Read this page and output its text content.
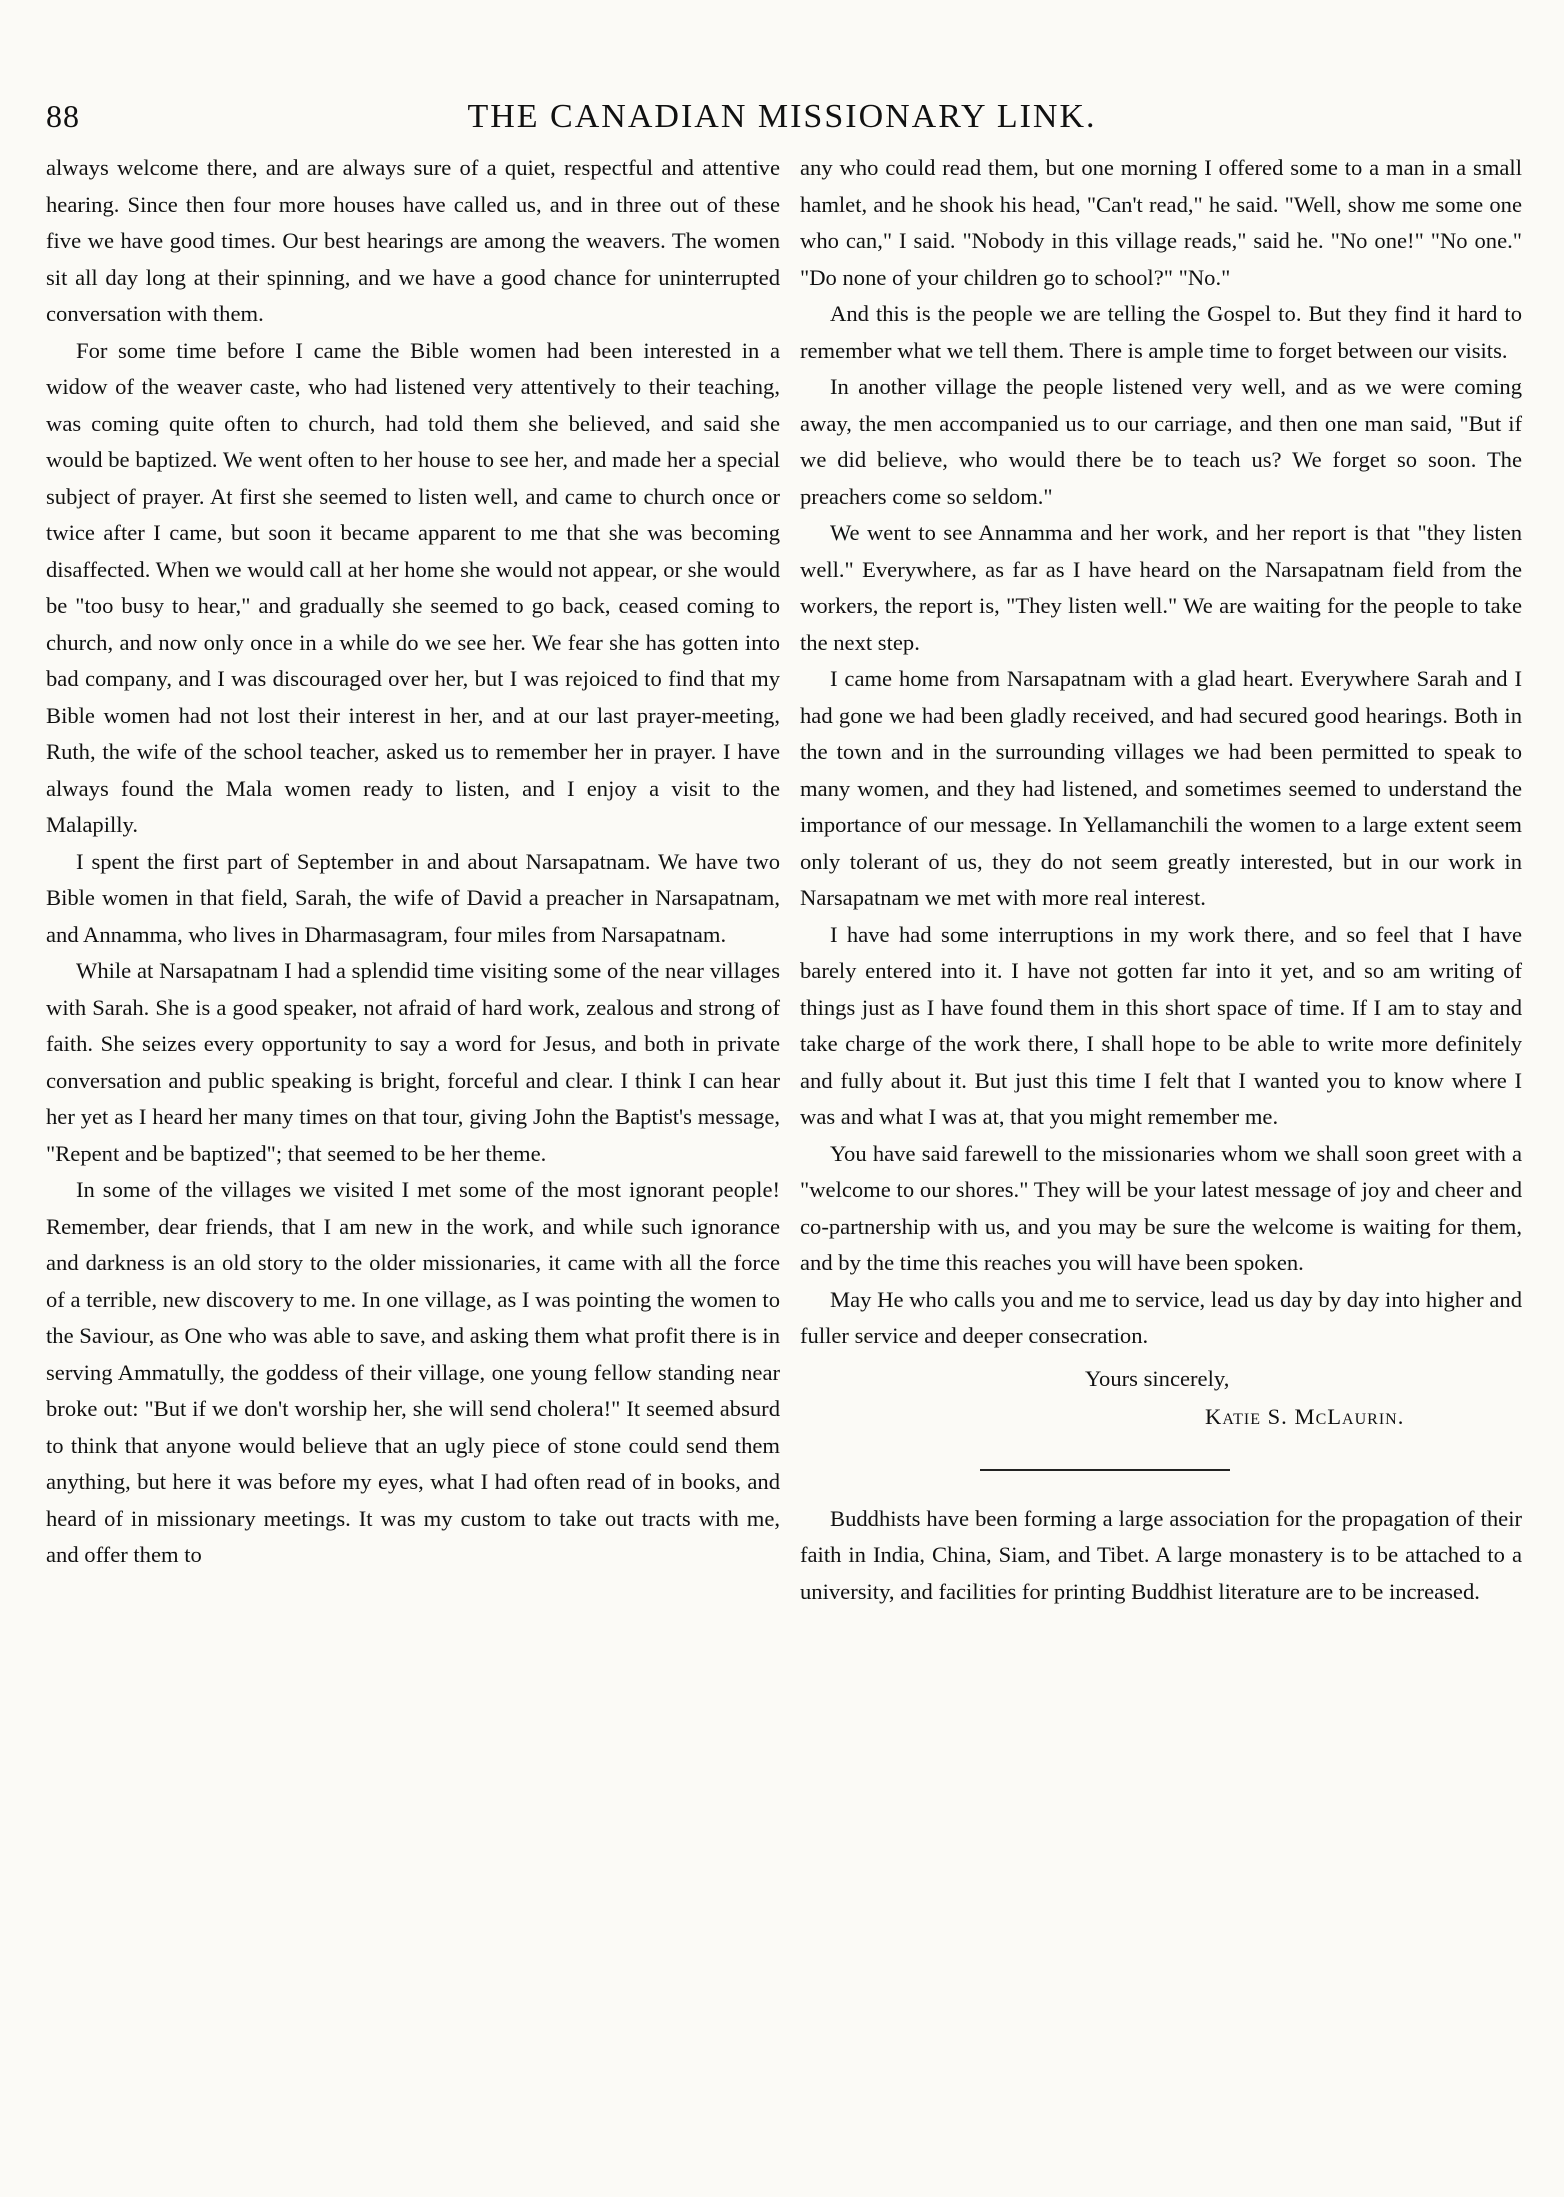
88	THE CANADIAN MISSIONARY LINK.

always welcome there, and are always sure of a quiet, respectful and attentive hearing. Since then four more houses have called us, and in three out of these five we have good times. Our best hearings are among the weavers. The women sit all day long at their spinning, and we have a good chance for uninterrupted conversation with them.

For some time before I came the Bible women had been interested in a widow of the weaver caste, who had listened very attentively to their teaching, was coming quite often to church, had told them she believed, and said she would be baptized. We went often to her house to see her, and made her a special subject of prayer. At first she seemed to listen well, and came to church once or twice after I came, but soon it became apparent to me that she was becoming disaffected. When we would call at her home she would not appear, or she would be "too busy to hear," and gradually she seemed to go back, ceased coming to church, and now only once in a while do we see her. We fear she has gotten into bad company, and I was discouraged over her, but I was rejoiced to find that my Bible women had not lost their interest in her, and at our last prayer-meeting, Ruth, the wife of the school teacher, asked us to remember her in prayer. I have always found the Mala women ready to listen, and I enjoy a visit to the Malapilly.

I spent the first part of September in and about Narsapatnam. We have two Bible women in that field, Sarah, the wife of David a preacher in Narsapatnam, and Annamma, who lives in Dharmasagram, four miles from Narsapatnam.

While at Narsapatnam I had a splendid time visiting some of the near villages with Sarah. She is a good speaker, not afraid of hard work, zealous and strong of faith. She seizes every opportunity to say a word for Jesus, and both in private conversation and public speaking is bright, forceful and clear. I think I can hear her yet as I heard her many times on that tour, giving John the Baptist's message, "Repent and be baptized"; that seemed to be her theme.

In some of the villages we visited I met some of the most ignorant people! Remember, dear friends, that I am new in the work, and while such ignorance and darkness is an old story to the older missionaries, it came with all the force of a terrible, new discovery to me. In one village, as I was pointing the women to the Saviour, as One who was able to save, and asking them what profit there is in serving Ammatully, the goddess of their village, one young fellow standing near broke out: "But if we don't worship her, she will send cholera!" It seemed absurd to think that anyone would believe that an ugly piece of stone could send them anything, but here it was before my eyes, what I had often read of in books, and heard of in missionary meetings. It was my custom to take out tracts with me, and offer them to

any who could read them, but one morning I offered some to a man in a small hamlet, and he shook his head, "Can't read," he said. "Well, show me some one who can," I said. "Nobody in this village reads," said he. "No one!" "No one." "Do none of your children go to school?" "No."

And this is the people we are telling the Gospel to. But they find it hard to remember what we tell them. There is ample time to forget between our visits.

In another village the people listened very well, and as we were coming away, the men accompanied us to our carriage, and then one man said, "But if we did believe, who would there be to teach us? We forget so soon. The preachers come so seldom."

We went to see Annamma and her work, and her report is that "they listen well." Everywhere, as far as I have heard on the Narsapatnam field from the workers, the report is, "They listen well." We are waiting for the people to take the next step.

I came home from Narsapatnam with a glad heart. Everywhere Sarah and I had gone we had been gladly received, and had secured good hearings. Both in the town and in the surrounding villages we had been permitted to speak to many women, and they had listened, and sometimes seemed to understand the importance of our message. In Yellamanchili the women to a large extent seem only tolerant of us, they do not seem greatly interested, but in our work in Narsapatnam we met with more real interest.

I have had some interruptions in my work there, and so feel that I have barely entered into it. I have not gotten far into it yet, and so am writing of things just as I have found them in this short space of time. If I am to stay and take charge of the work there, I shall hope to be able to write more definitely and fully about it. But just this time I felt that I wanted you to know where I was and what I was at, that you might remember me.

You have said farewell to the missionaries whom we shall soon greet with a "welcome to our shores." They will be your latest message of joy and cheer and co-partnership with us, and you may be sure the welcome is waiting for them, and by the time this reaches you will have been spoken.

May He who calls you and me to service, lead us day by day into higher and fuller service and deeper consecration.

Yours sincerely,
Katie S. McLaurin.

Buddhists have been forming a large association for the propagation of their faith in India, China, Siam, and Tibet. A large monastery is to be attached to a university, and facilities for printing Buddhist literature are to be increased.
